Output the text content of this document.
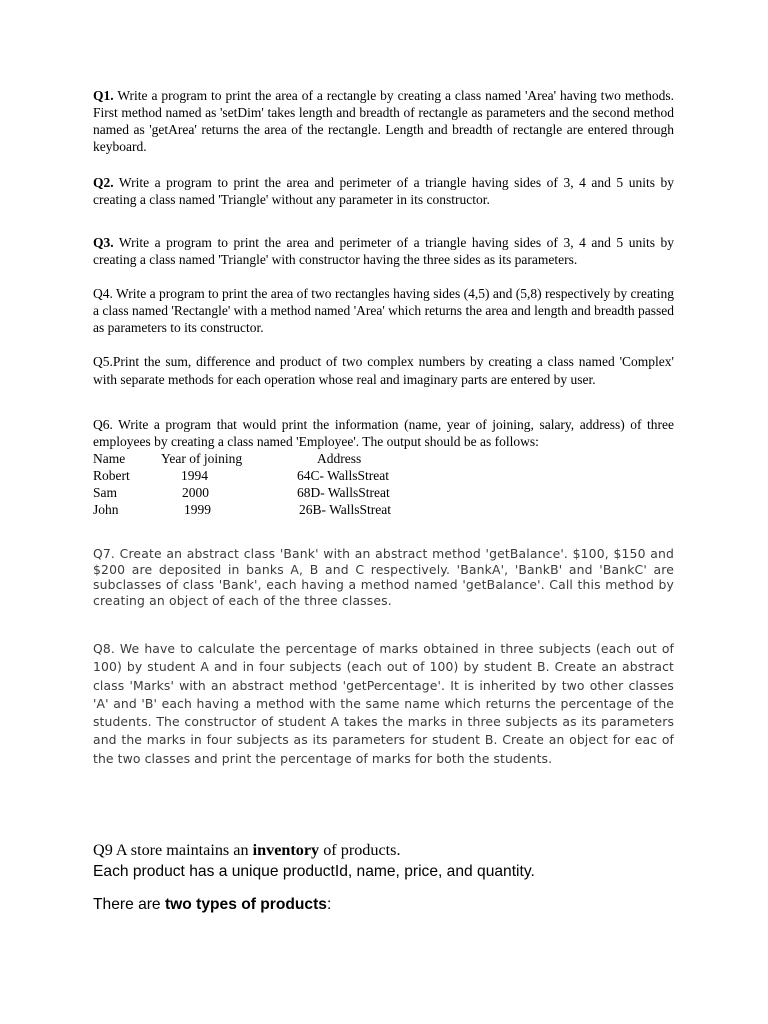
Q1. Write a program to print the area of a rectangle by creating a class named 'Area' having two methods. First method named as 'setDim' takes length and breadth of rectangle as parameters and the second method named as 'getArea' returns the area of the rectangle. Length and breadth of rectangle are entered through keyboard.

Q2. Write a program to print the area and perimeter of a triangle having sides of 3, 4 and 5 units by creating a class named 'Triangle' without any parameter in its constructor.

Q3. Write a program to print the area and perimeter of a triangle having sides of 3, 4 and 5 units by creating a class named 'Triangle' with constructor having the three sides as its parameters.

Q4. Write a program to print the area of two rectangles having sides (4,5) and (5,8) respectively by creating a class named 'Rectangle' with a method named 'Area' which returns the area and length and breadth passed as parameters to its constructor.

Q5.Print the sum, difference and product of two complex numbers by creating a class named 'Complex' with separate methods for each operation whose real and imaginary parts are entered by user.

Q6. Write a program that would print the information (name, year of joining, salary, address) of three employees by creating a class named 'Employee'. The output should be as follows:

Name	Year of joining	Address
Robert	1994	64C- WallsStreat
Sam	2000	68D- WallsStreat
John	1999	26B- WallsStreat

Q7. Create an abstract class 'Bank' with an abstract method 'getBalance'. $100, $150 and $200 are deposited in banks A, B and C respectively. 'BankA', 'BankB' and 'BankC' are subclasses of class 'Bank', each having a method named 'getBalance'. Call this method by creating an object of each of the three classes.

Q8. We have to calculate the percentage of marks obtained in three subjects (each out of 100) by student A and in four subjects (each out of 100) by student B. Create an abstract class 'Marks' with an abstract method 'getPercentage'. It is inherited by two other classes 'A' and 'B' each having a method with the same name which returns the percentage of the students. The constructor of student A takes the marks in three subjects as its parameters and the marks in four subjects as its parameters for student B. Create an object for eac of the two classes and print the percentage of marks for both the students.

Q9 A store maintains an inventory of products.

Each product has a unique productId, name, price, and quantity.

There are two types of products:
